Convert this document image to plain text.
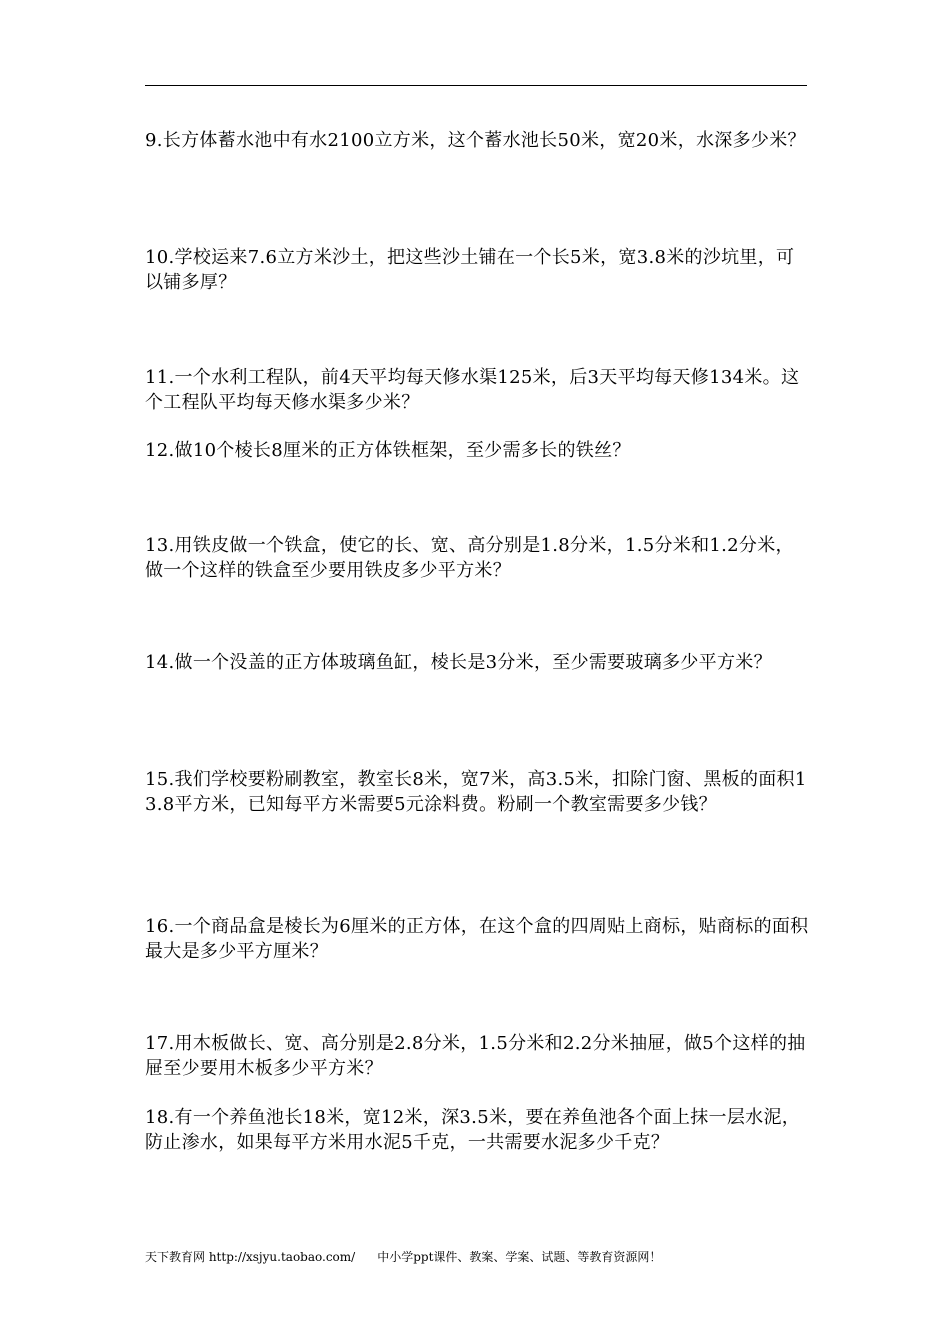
9.长方体蓄水池中有水2100立方米，这个蓄水池长50米，宽20米，水深多少米？
10.学校运来7.6立方米沙土，把这些沙土铺在一个长5米，宽3.8米的沙坑里，可以铺多厚？
11.一个水利工程队，前4天平均每天修水渠125米，后3天平均每天修134米。这个工程队平均每天修水渠多少米？
12.做10个棱长8厘米的正方体铁框架，至少需多长的铁丝？
13.用铁皮做一个铁盒，使它的长、宽、高分别是1.8分米，1.5分米和1.2分米，做一个这样的铁盒至少要用铁皮多少平方米？
14.做一个没盖的正方体玻璃鱼缸，棱长是3分米，至少需要玻璃多少平方米？
15.我们学校要粉刷教室，教室长8米，宽7米，高3.5米，扣除门窗、黑板的面积13.8平方米，已知每平方米需要5元涂料费。粉刷一个教室需要多少钱？
16.一个商品盒是棱长为6厘米的正方体，在这个盒的四周贴上商标，贴商标的面积最大是多少平方厘米？
17.用木板做长、宽、高分别是2.8分米，1.5分米和2.2分米抽屉，做5个这样的抽屉至少要用木板多少平方米？
18.有一个养鱼池长18米，宽12米，深3.5米，要在养鱼池各个面上抹一层水泥，防止渗水，如果每平方米用水泥5千克，一共需要水泥多少千克？
天下教育网 http://xsjyu.taobao.com/ 中小学ppt课件、教案、学案、试题、等教育资源网！
